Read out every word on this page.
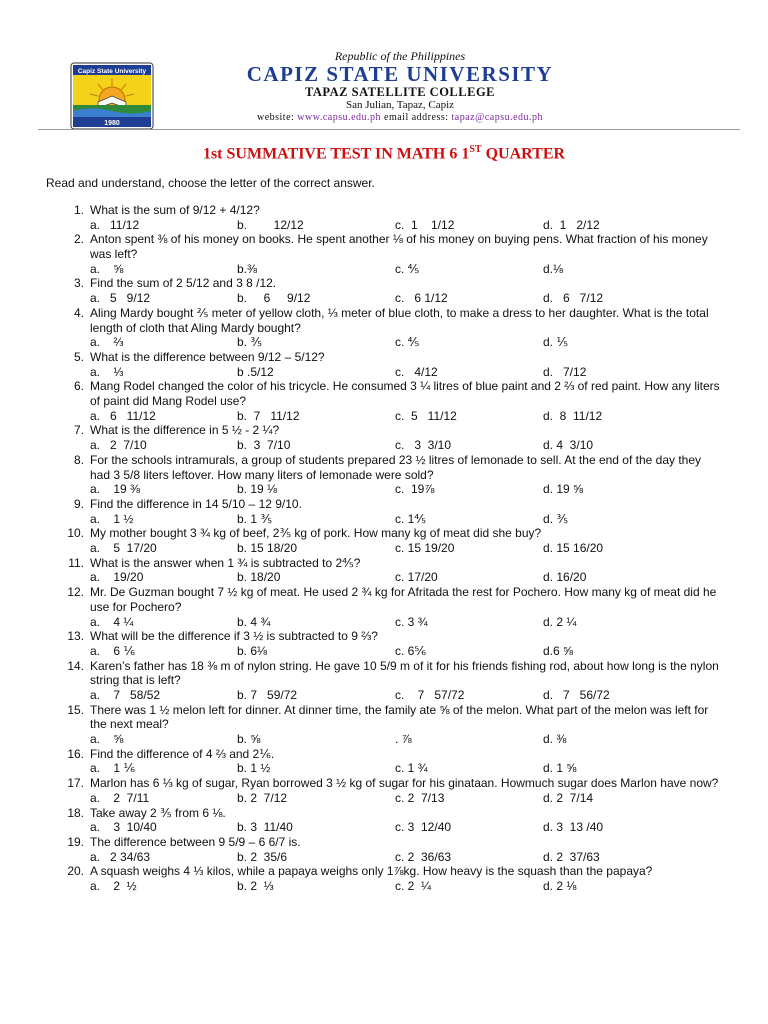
Capiz State University
1980
Republic of the Philippines
CAPIZ STATE UNIVERSITY
TAPAZ SATELLITE COLLEGE
San Julian, Tapaz, Capiz
website: www.capsu.edu.ph email address: tapaz@capsu.edu.ph
1st SUMMATIVE TEST IN MATH 6 1ST QUARTER
Read and understand, choose the letter of the correct answer.
1. What is the sum of 9/12 + 4/12?
a.   11/12	b.        12/12	c.  1    1/12	d.  1   2/12
2. Anton spent ⅜ of his money on books. He spent another ⅛ of his money on buying pens. What fraction of his money was left?
a.    ⅝	b.⅜	c. ⅘	d.⅛
3. Find the sum of 2 5/12 and 3 8 /12.
a.   5   9/12	b.     6     9/12	c.   6 1/12	d.   6   7/12
4. Aling Mardy bought ⅖ meter of yellow cloth, ⅓ meter of blue cloth, to make a dress to her daughter. What is the total length of cloth that Aling Mardy bought?
a.    ⅔	b. ⅗	c. ⅘	d. ⅕
5. What is the difference between 9/12 – 5/12?
a.    ⅓	b .5/12	c.   4/12	d.   7/12
6. Mang Rodel changed the color of his tricycle. He consumed 3 ¼ litres of blue paint and 2 ⅔ of red paint. How any liters of paint did Mang Rodel use?
a.   6   11/12	b.  7   11/12	c.  5   11/12	d.  8  11/12
7. What is the difference in 5 ½ - 2 ¼?
a.   2  7/10	b.  3  7/10	c.   3  3/10	d. 4  3/10
8. For the schools intramurals, a group of students prepared 23 ½ litres of lemonade to sell. At the end of the day they had 3 5/8 liters leftover. How many liters of lemonade were sold?
a.    19 ⅜	b. 19 ⅛	c.  19⅞	d. 19 ⅝
9. Find the difference in 14 5/10 – 12 9/10.
a.    1 ½	b. 1 ⅗	c. 1⅘	d. ⅗
10. My mother bought 3 ¾ kg of beef, 2⅗ kg of pork. How many kg of meat did she buy?
a.    5  17/20	b. 15 18/20	c. 15 19/20	d. 15 16/20
11. What is the answer when 1 ¾ is subtracted to 2⅘?
a.    19/20	b. 18/20	c. 17/20	d. 16/20
12. Mr. De Guzman bought 7 ½ kg of meat. He used 2 ¾ kg for Afritada the rest for Pochero. How many kg of meat did he use for Pochero?
a.    4 ¼	b. 4 ¾	c. 3 ¾	d. 2 ¼
13. What will be the difference if 3 ½ is subtracted to 9 ⅔?
a.    6 ⅙	b. 6⅛	c. 6⅚	d.6 ⅝
14. Karen’s father has 18 ⅜ m of nylon string. He gave 10 5/9 m of it for his friends fishing rod, about how long is the nylon string that is left?
a.    7   58/52	b. 7   59/72	c.    7   57/72	d.   7   56/72
15. There was 1 ½ melon left for dinner. At dinner time, the family ate ⅝ of the melon. What part of the melon was left for the next meal?
a.    ⅝	b. ⅝	. ⅞	d. ⅜
16. Find the difference of 4 ⅔ and 2⅙.
a.    1 ⅙	b. 1 ½	c. 1 ¾	d. 1 ⅝
17. Marlon has 6 ⅓ kg of sugar, Ryan borrowed 3 ½ kg of sugar for his ginataan. Howmuch sugar does Marlon have now?
a.    2  7/11	b. 2  7/12	c. 2  7/13	d. 2  7/14
18. Take away 2 ⅗ from 6 ⅛.
a.    3  10/40	b. 3  11/40	c. 3  12/40	d. 3  13 /40
19. The difference between 9 5/9 – 6 6/7 is.
a.   2 34/63	b. 2  35/6	c. 2  36/63	d. 2  37/63
20. A squash weighs 4 ⅓ kilos, while a papaya weighs only 1⅞kg. How heavy is the squash than the papaya?
a.    2  ½	b. 2  ⅓	c. 2  ¼	d. 2 ⅛
